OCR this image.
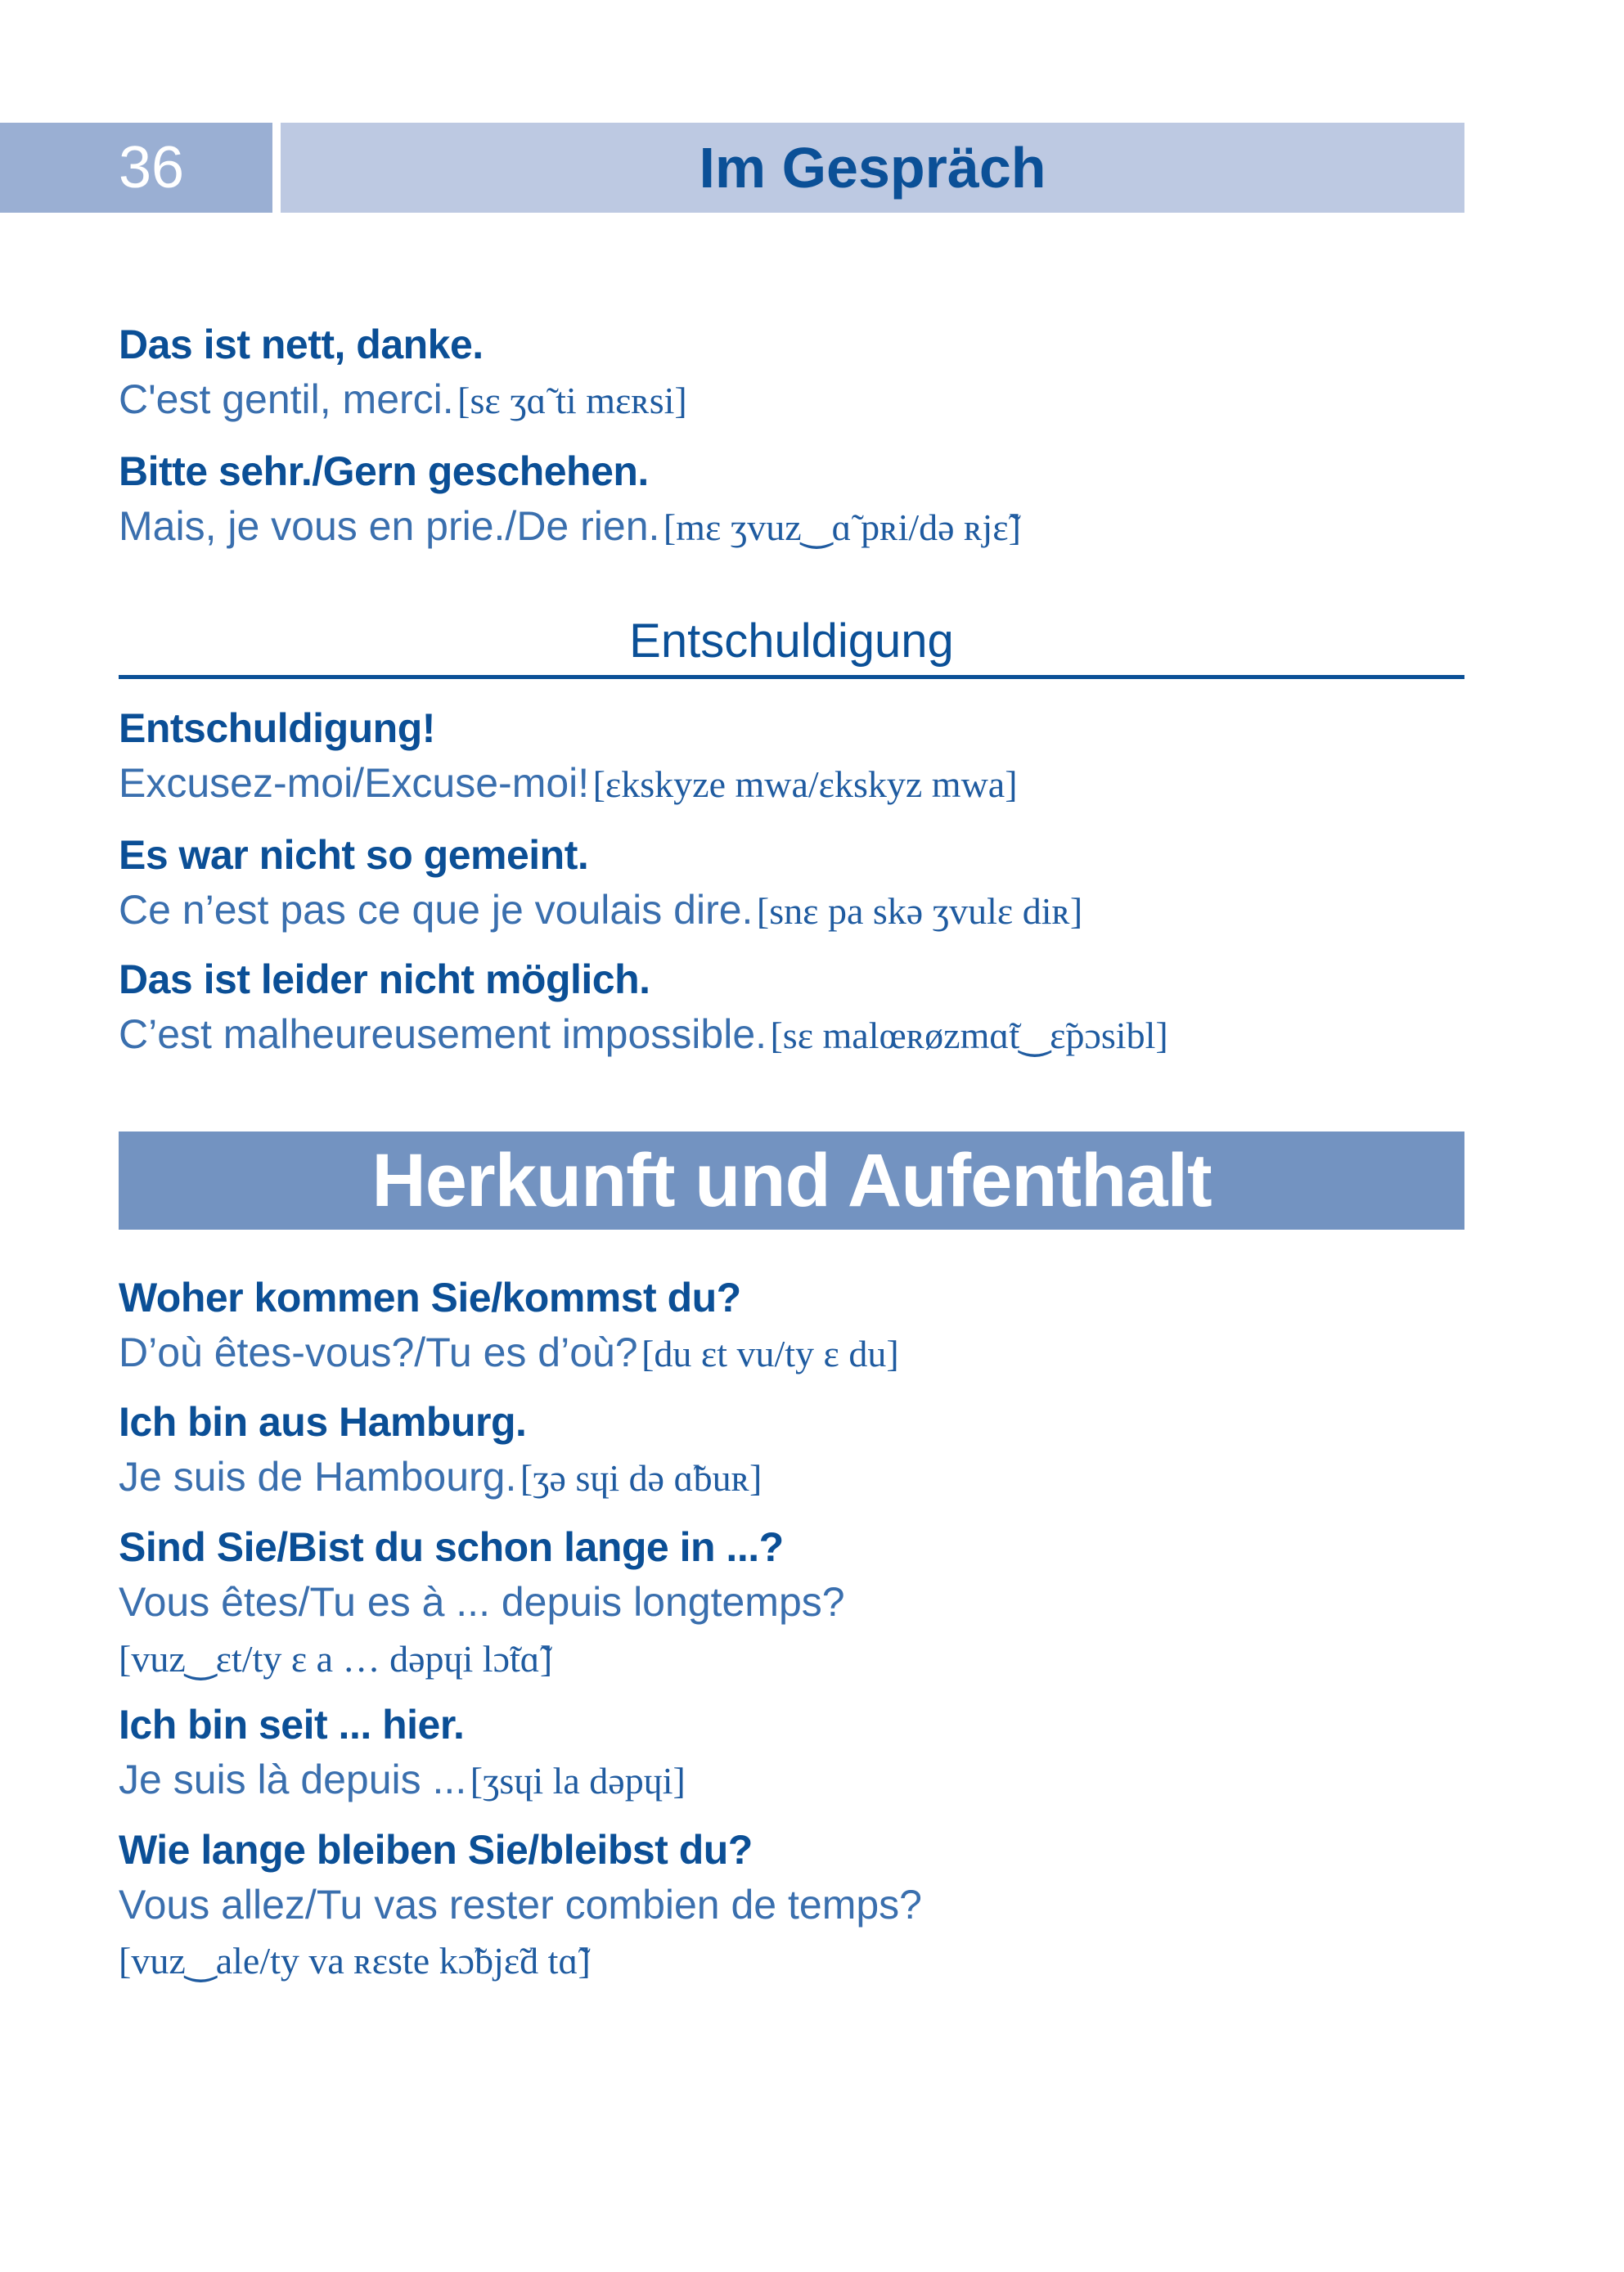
36	Im Gespräch
Das ist nett, danke.
C'est gentil, merci. [sɛ ʒɑ̃ ti mɛʀsi]
Bitte sehr./Gern geschehen.
Mais, je vous en prie./De rien. [mɛ ʒvuz‿ɑ̃ pʀi/də ʀjɛ̃]
Entschuldigung
Entschuldigung!
Excusez-moi/Excuse-moi! [ɛkskyze mwa/ɛkskyz mwa]
Es war nicht so gemeint.
Ce n’est pas ce que je voulais dire. [snɛ pa skə ʒvulɛ diʀ]
Das ist leider nicht möglich.
C’est malheureusement impossible. [sɛ malœʀøzmɑ̃t‿ɛ̃pɔsibl]
Herkunft und Aufenthalt
Woher kommen Sie/kommst du?
D’où êtes-vous?/Tu es d’où? [du ɛt vu/ty ɛ du]
Ich bin aus Hamburg.
Je suis de Hambourg. [ʒə sɥi də ɑ̃buʀ]
Sind Sie/Bist du schon lange in ...?
Vous êtes/Tu es à ... depuis longtemps?
[vuz‿ɛt/ty ɛ a … dəpɥi lɔ̃tɑ̃]
Ich bin seit ... hier.
Je suis là depuis ... [ʒsɥi la dəpɥi]
Wie lange bleiben Sie/bleibst du?
Vous allez/Tu vas rester combien de temps?
[vuz‿ale/ty va ʀɛste kɔ̃bjɛ̃d tɑ̃]
